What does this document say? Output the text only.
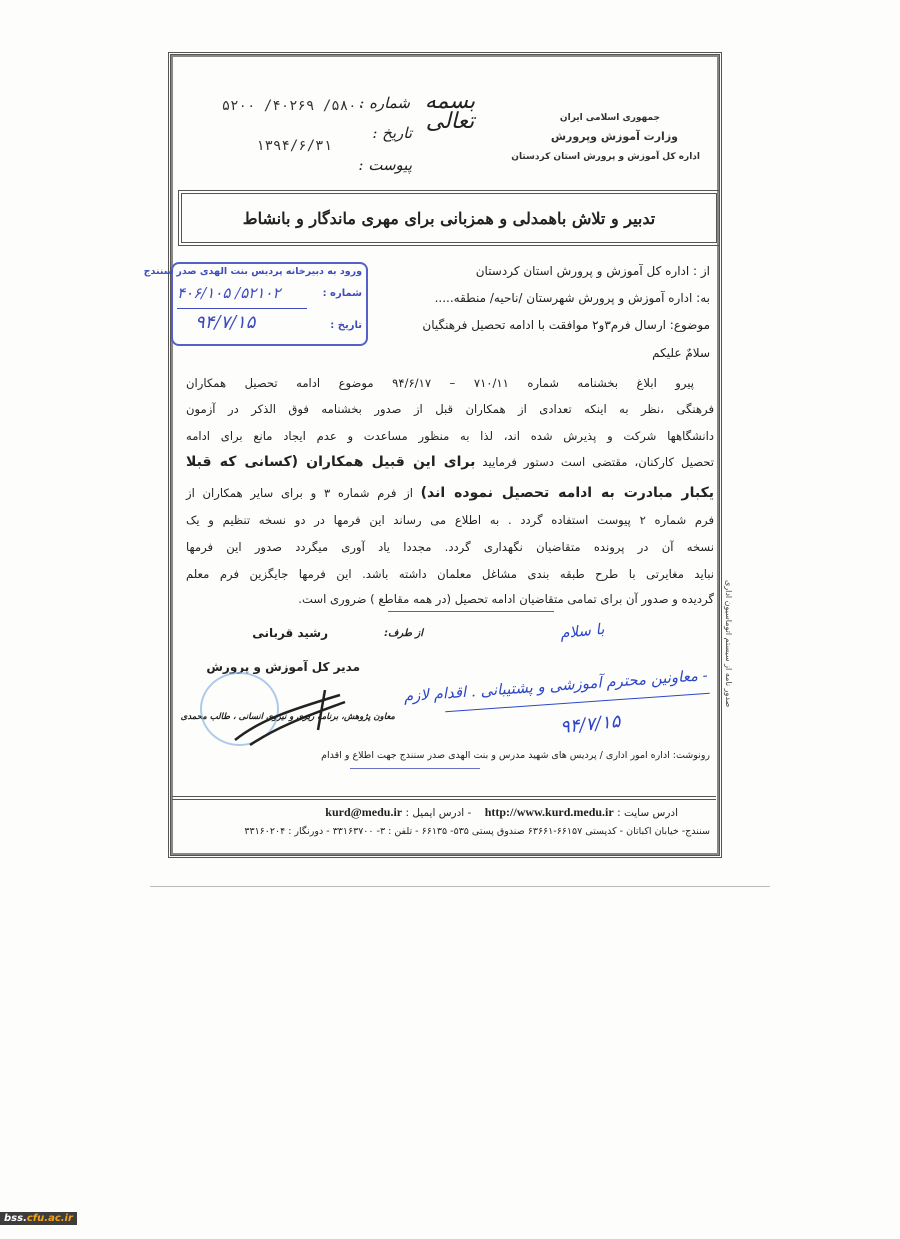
جمهوری اسلامی ایران
وزارت آموزش وپرورش
اداره کل آموزش و پرورش استان کردستان
بسمه تعالی
شماره :
۵۸۰۰/ ۴۰۲۶۹/ ۵۲۰۰
تاریخ :
۱۳۹۴/۶/۳۱
پیوست :
تدبیر و تلاش باهمدلی و همزبانی برای مهری ماندگار و بانشاط
از : اداره کل آموزش و پرورش استان کردستان
به: اداره آموزش و پرورش شهرستان /ناحیه/ منطقه.....
موضوع: ارسال فرم۳و۲ موافقت با ادامه تحصیل فرهنگیان
سلامٌ علیکم
پیرو ابلاغ بخشنامه شماره ۷۱۰/۱۱ – ۹۴/۶/۱۷ موضوع ادامه تحصیل همکاران
فرهنگی ،نظر به اینکه تعدادی از همکاران قبل از صدور بخشنامه فوق الذکر در آزمون
دانشگاهها شرکت و پذیرش شده اند، لذا به منظور مساعدت و عدم ایجاد مانع برای ادامه
تحصیل کارکنان، مقتضی است دستور فرمایید برای این قبیل همکاران (کسانی که قبلا
یکبار مبادرت به ادامه تحصیل نموده اند) از فرم شماره ۳ و برای سایر همکاران از
فرم شماره ۲ پیوست استفاده گردد . به اطلاع می رساند این فرمها در دو نسخه تنظیم و یک
نسخه آن در پرونده متقاضیان نگهداری گردد. مجددا یاد آوری میگردد صدور این فرمها
نباید مغایرتی با طرح طبقه بندی مشاغل معلمان داشته باشد. این فرمها جایگزین فرم معلم
گردیده و صدور آن برای تمامی متقاضیان ادامه تحصیل (در همه مقاطع ) ضروری است.
ورود به دبیرخانه پردیس بنت الهدی صدر سنندج
۵۲۱۰۲/ ۴۰۶/۱۰۵	شماره :
۹۴/۷/۱۵	تاریخ :
از طرف:
رشید قربانی
مدیر کل آموزش و پرورش
معاون پژوهش، برنامه ریزی و نیروی انسانی ، طالب محمدی
با سلام
- معاونین محترم آموزشی و پشتیبانی . اقدام لازم
۹۴/۷/۱۵
رونوشت: اداره امور اداری / پردیس های شهید مدرس و بنت الهدی صدر سنندج جهت اطلاع و اقدام
صدور نامه از سیستم اتوماسیون اداری
ادرس سایت : http://www.kurd.medu.ir    - ادرس ایمیل : kurd@medu.ir
سنندج- خیابان اکباتان - کدپستی ۶۶۱۵۷-۶۳۶۶۱ صندوق پستی ۵۳۵- ۶۶۱۳۵ - تلفن : ۳- ۳۳۱۶۳۷۰۰ - دورنگار : ۳۳۱۶۰۲۰۴
bss.cfu.ac.ir
